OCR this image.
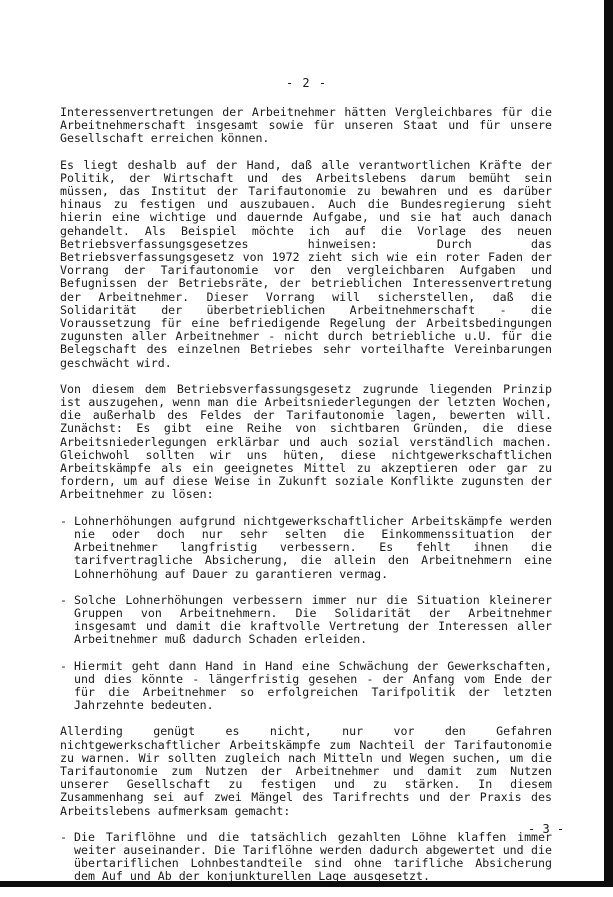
- 2 -

Interessenvertretungen der Arbeitnehmer hätten Vergleichbares für die Arbeitnehmerschaft insgesamt sowie für unseren Staat und für unsere Gesellschaft erreichen können.

Es liegt deshalb auf der Hand, daß alle verantwortlichen Kräfte der Politik, der Wirtschaft und des Arbeitslebens darum bemüht sein müssen, das Institut der Tarifautonomie zu bewahren und es darüber hinaus zu festigen und auszubauen. Auch die Bundesregierung sieht hierin eine wichtige und dauernde Aufgabe, und sie hat auch danach gehandelt. Als Beispiel möchte ich auf die Vorlage des neuen Betriebsverfassungsgesetzes hinweisen: Durch das Betriebsverfassungsgesetz von 1972 zieht sich wie ein roter Faden der Vorrang der Tarifautonomie vor den vergleichbaren Aufgaben und Befugnissen der Betriebsräte, der betrieblichen Interessenvertretung der Arbeitnehmer. Dieser Vorrang will sicherstellen, daß die Solidarität der überbetrieblichen Arbeitnehmerschaft - die Voraussetzung für eine befriedigende Regelung der Arbeitsbedingungen zugunsten aller Arbeitnehmer - nicht durch betriebliche u.U. für die Belegschaft des einzelnen Betriebes sehr vorteilhafte Vereinbarungen geschwächt wird.

Von diesem dem Betriebsverfassungsgesetz zugrunde liegenden Prinzip ist auszugehen, wenn man die Arbeitsniederlegungen der letzten Wochen, die außerhalb des Feldes der Tarifautonomie lagen, bewerten will. Zunächst: Es gibt eine Reihe von sichtbaren Gründen, die diese Arbeitsniederlegungen erklärbar und auch sozial verständlich machen. Gleichwohl sollten wir uns hüten, diese nichtgewerkschaftlichen Arbeitskämpfe als ein geeignetes Mittel zu akzeptieren oder gar zu fordern, um auf diese Weise in Zukunft soziale Konflikte zugunsten der Arbeitnehmer zu lösen:

- Lohnerhöhungen aufgrund nichtgewerkschaftlicher Arbeitskämpfe werden nie oder doch nur sehr selten die Einkommenssituation der Arbeitnehmer langfristig verbessern. Es fehlt ihnen die tarifvertragliche Absicherung, die allein den Arbeitnehmern eine Lohnerhöhung auf Dauer zu garantieren vermag.
- Solche Lohnerhöhungen verbessern immer nur die Situation kleinerer Gruppen von Arbeitnehmern. Die Solidarität der Arbeitnehmer insgesamt und damit die kraftvolle Vertretung der Interessen aller Arbeitnehmer muß dadurch Schaden erleiden.
- Hiermit geht dann Hand in Hand eine Schwächung der Gewerkschaften, und dies könnte - längerfristig gesehen - der Anfang vom Ende der für die Arbeitnehmer so erfolgreichen Tarifpolitik der letzten Jahrzehnte bedeuten.

Allerding genügt es nicht, nur vor den Gefahren nichtgewerkschaftlicher Arbeitskämpfe zum Nachteil der Tarifautonomie zu warnen. Wir sollten zugleich nach Mitteln und Wegen suchen, um die Tarifautonomie zum Nutzen der Arbeitnehmer und damit zum Nutzen unserer Gesellschaft zu festigen und zu stärken. In diesem Zusammenhang sei auf zwei Mängel des Tarifrechts und der Praxis des Arbeitslebens aufmerksam gemacht:

- Die Tariflöhne und die tatsächlich gezahlten Löhne klaffen immer weiter auseinander. Die Tariflöhne werden dadurch abgewertet und die übertariflichen Lohnbestandteile sind ohne tarifliche Absicherung dem Auf und Ab der konjunkturellen Lage ausgesetzt.
- 3 -
